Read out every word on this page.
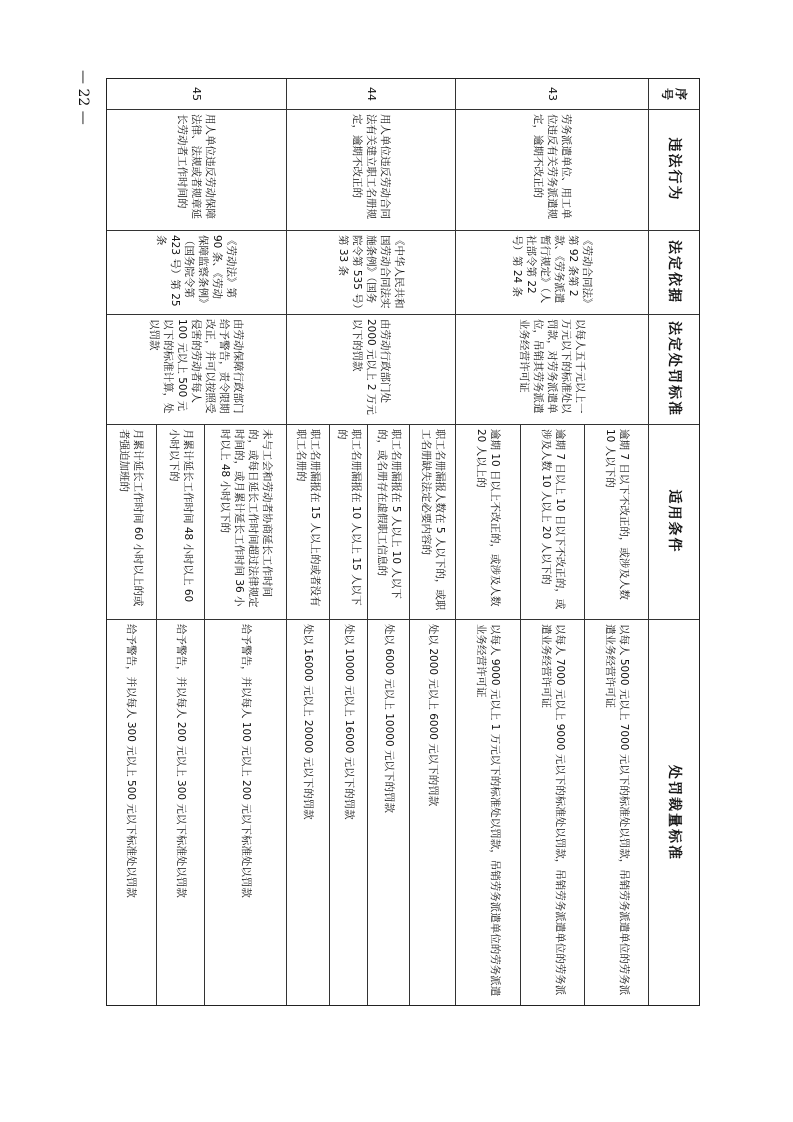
序号
违法行为
法定依据
法定处罚标准
适用条件
处罚裁量标准
43
劳务派遣单位、用工单位违反有关劳务派遣规定，逾期不改正的
《劳动合同法》第 92 条第 2 款、《劳务派遣暂行规定》（人社部令第 22 号）第 24 条
以每人五千元以上一万元以下的标准处以罚款，对劳务派遣单位，吊销其劳务派遣业务经营许可证
逾期 7 日以下不改正的，或涉及人数 10 人以下的
以每人 5000 元以上 7000 元以下的标准处以罚款，吊销劳务派遣单位的劳务派遣业务经营许可证
逾期 7 日以上 10 日以下不改正的，或涉及人数 10 人以上 20 人以下的
以每人 7000 元以上 9000 元以下的标准处以罚款，吊销劳务派遣单位的劳务派遣业务经营许可证
逾期 10 日以上不改正的，或涉及人数 20 人以上的
以每人 9000 元以上 1 万元以下的标准处以罚款，吊销劳务派遣单位的劳务派遣业务经营许可证
44
用人单位违反劳动合同法有关建立职工名册规定，逾期不改正的
《中华人民共和国劳动合同法实施条例》（国务院令第 535 号）第 33 条
由劳动行政部门处 2000 元以上 2 万元以下的罚款
职工名册漏报人数在 5 人以下的，或职工名册缺失法定必要内容的
处以 2000 元以上 6000 元以下的罚款
职工名册漏报在 5 人以上 10 人以下的，或名册存在虚假职工信息的
处以 6000 元以上 10000 元以下的罚款
职工名册漏报在 10 人以上 15 人以下的
处以 10000 元以上 16000 元以下的罚款
职工名册漏报在 15 人以上的或者没有职工名册的
处以 16000 元以上 20000 元以下的罚款
45
用人单位违反劳动保障法律、法规或者规章延长劳动者工作时间的
《劳动法》第 90 条、《劳动保障监察条例》（国务院令第 423 号）第 25 条
由劳动保障行政部门给予警告，责令限期改正，并可以按照受侵害的劳动者每人 100 元以上 500 元以下的标准计算，处以罚款
未与工会和劳动者协商延长工作时间的，或每日延长工作时间超过法律规定时间的，或月累计延长工作时间 36 小时以上 48 小时以下的
给予警告，并以每人 100 元以上 200 元以下标准处以罚款
月累计延长工作时间 48 小时以上 60 小时以下的
给予警告，并以每人 200 元以上 300 元以下标准处以罚款
月累计延长工作时间 60 小时以上的或者强迫加班的
给予警告，并以每人 300 元以上 500 元以下标准处以罚款
— 22 —
